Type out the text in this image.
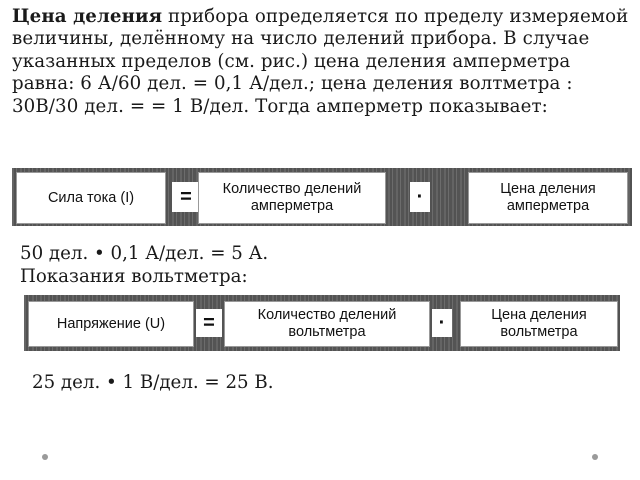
Цена деления прибора определяется по пределу измеряемой величины, делённому на число делений прибора. В случае указанных пределов (см. рис.) цена деления амперметра равна: 6 А/60 дел. = 0,1 А/дел.; цена деления волтметра : 30В/30 дел. = = 1 В/дел. Тогда амперметр показывает:
Сила тока (I)	=	Количество делений амперметра	·	Цена деления амперметра
50 дел. • 0,1 А/дел. = 5 А.
Показания вольтметра:
Напряжение (U)	=	Количество делений вольтметра	·	Цена деления вольтметра
25 дел. • 1 В/дел. = 25 В.
